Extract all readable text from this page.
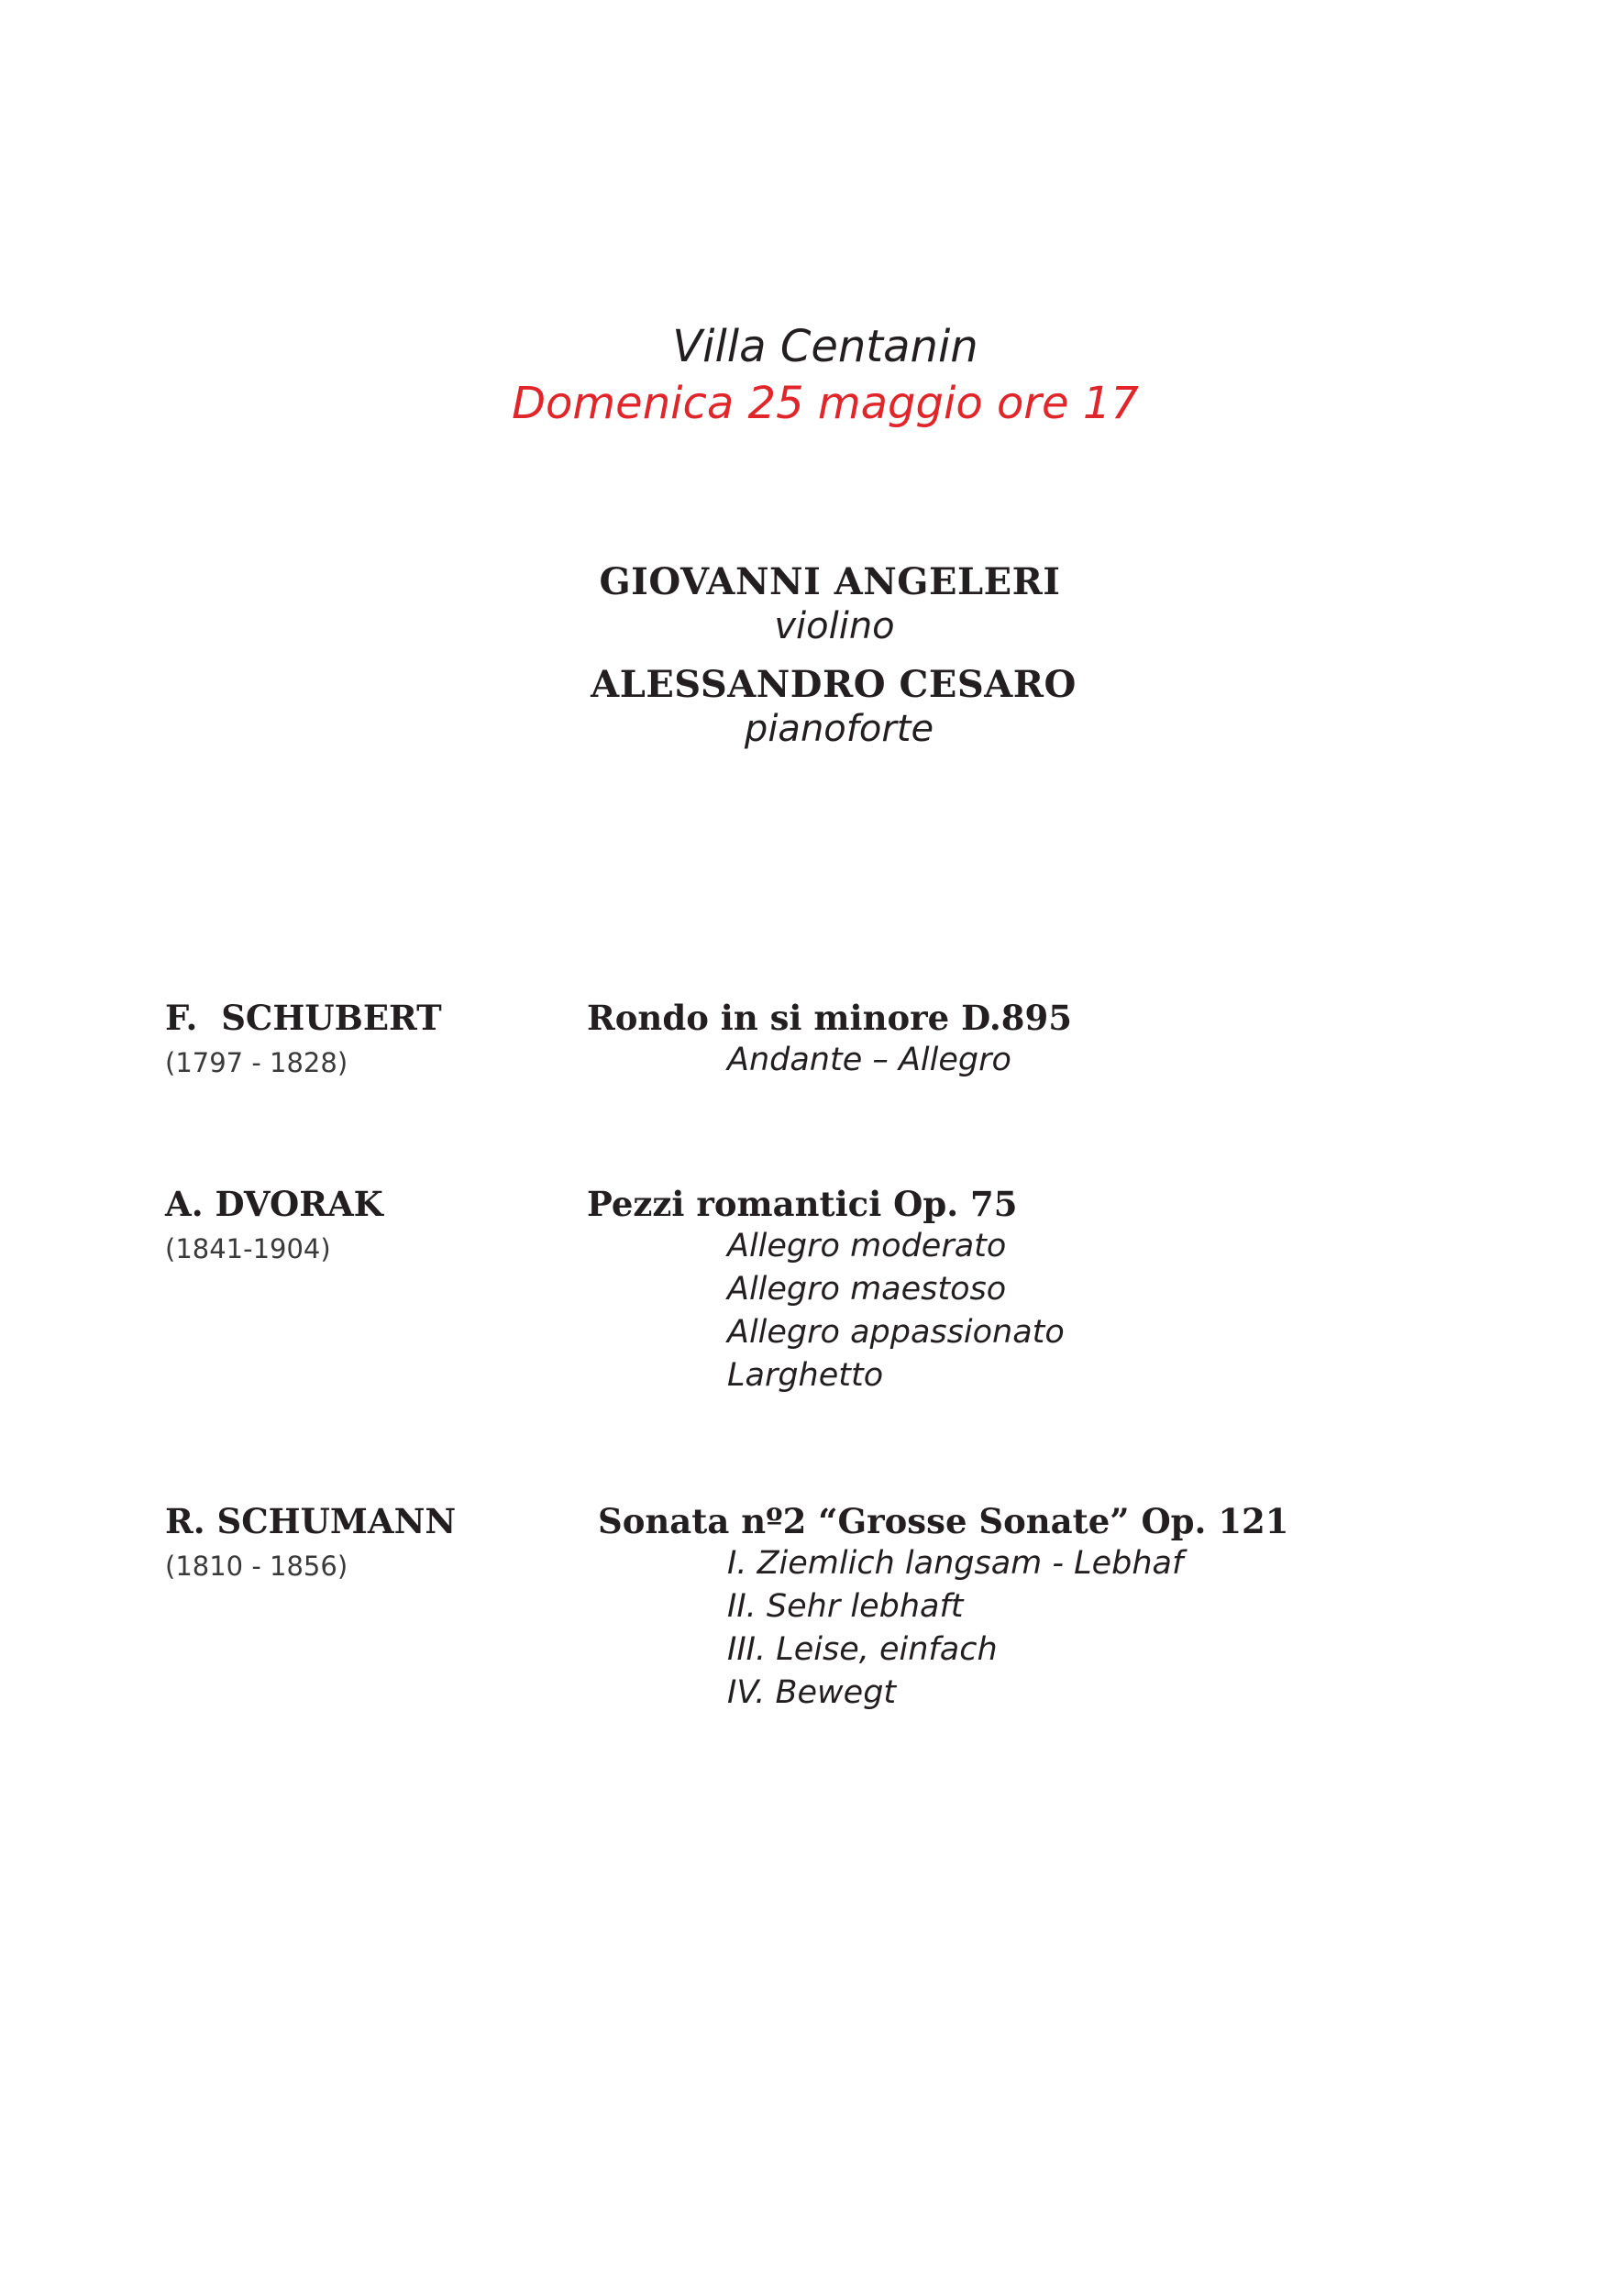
Villa Centanin
Domenica 25 maggio ore 17
GIOVANNI ANGELERI
violino
ALESSANDRO CESARO
pianoforte
F.  SCHUBERT
(1797 - 1828)
Rondo in si minore D.895
Andante – Allegro
A. DVORAK
(1841-1904)
Pezzi romantici Op. 75
Allegro moderato
Allegro maestoso
Allegro appassionato
Larghetto
R. SCHUMANN
(1810 - 1856)
Sonata nº2 “Grosse Sonate” Op. 121
I. Ziemlich langsam - Lebhaf
II. Sehr lebhaft
III. Leise, einfach
IV. Bewegt
